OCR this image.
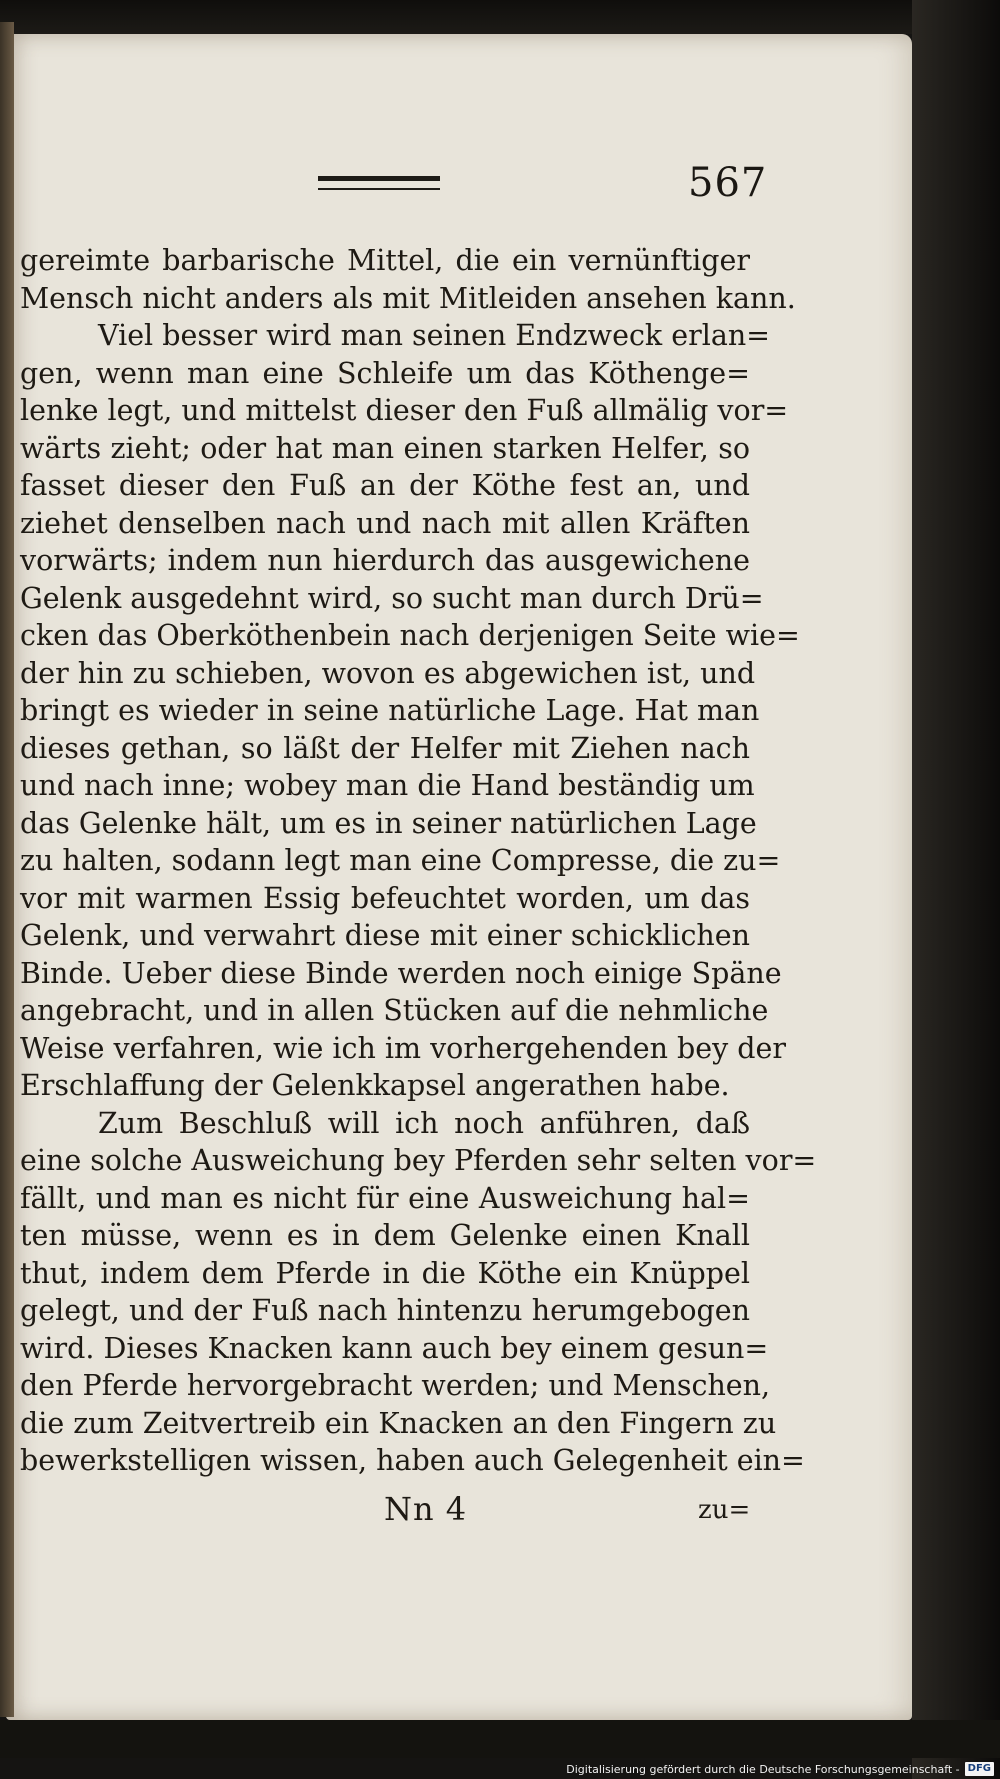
567
gereimte barbarische Mittel, die ein vernünftiger
Mensch nicht anders als mit Mitleiden ansehen kann.
Viel besser wird man seinen Endzweck erlan=
gen, wenn man eine Schleife um das Köthenge=
lenke legt, und mittelst dieser den Fuß allmälig vor=
wärts zieht; oder hat man einen starken Helfer, so
fasset dieser den Fuß an der Köthe fest an, und
ziehet denselben nach und nach mit allen Kräften
vorwärts; indem nun hierdurch das ausgewichene
Gelenk ausgedehnt wird, so sucht man durch Drü=
cken das Oberköthenbein nach derjenigen Seite wie=
der hin zu schieben, wovon es abgewichen ist, und
bringt es wieder in seine natürliche Lage. Hat man
dieses gethan, so läßt der Helfer mit Ziehen nach
und nach inne; wobey man die Hand beständig um
das Gelenke hält, um es in seiner natürlichen Lage
zu halten, sodann legt man eine Compresse, die zu=
vor mit warmen Essig befeuchtet worden, um das
Gelenk, und verwahrt diese mit einer schicklichen
Binde. Ueber diese Binde werden noch einige Späne
angebracht, und in allen Stücken auf die nehmliche
Weise verfahren, wie ich im vorhergehenden bey der
Erschlaffung der Gelenkkapsel angerathen habe.
Zum Beschluß will ich noch anführen, daß
eine solche Ausweichung bey Pferden sehr selten vor=
fällt, und man es nicht für eine Ausweichung hal=
ten müsse, wenn es in dem Gelenke einen Knall
thut, indem dem Pferde in die Köthe ein Knüppel
gelegt, und der Fuß nach hintenzu herumgebogen
wird. Dieses Knacken kann auch bey einem gesun=
den Pferde hervorgebracht werden; und Menschen,
die zum Zeitvertreib ein Knacken an den Fingern zu
bewerkstelligen wissen, haben auch Gelegenheit ein=
Nn 4	zu=
Digitalisierung gefördert durch die Deutsche Forschungsgemeinschaft - DFG
